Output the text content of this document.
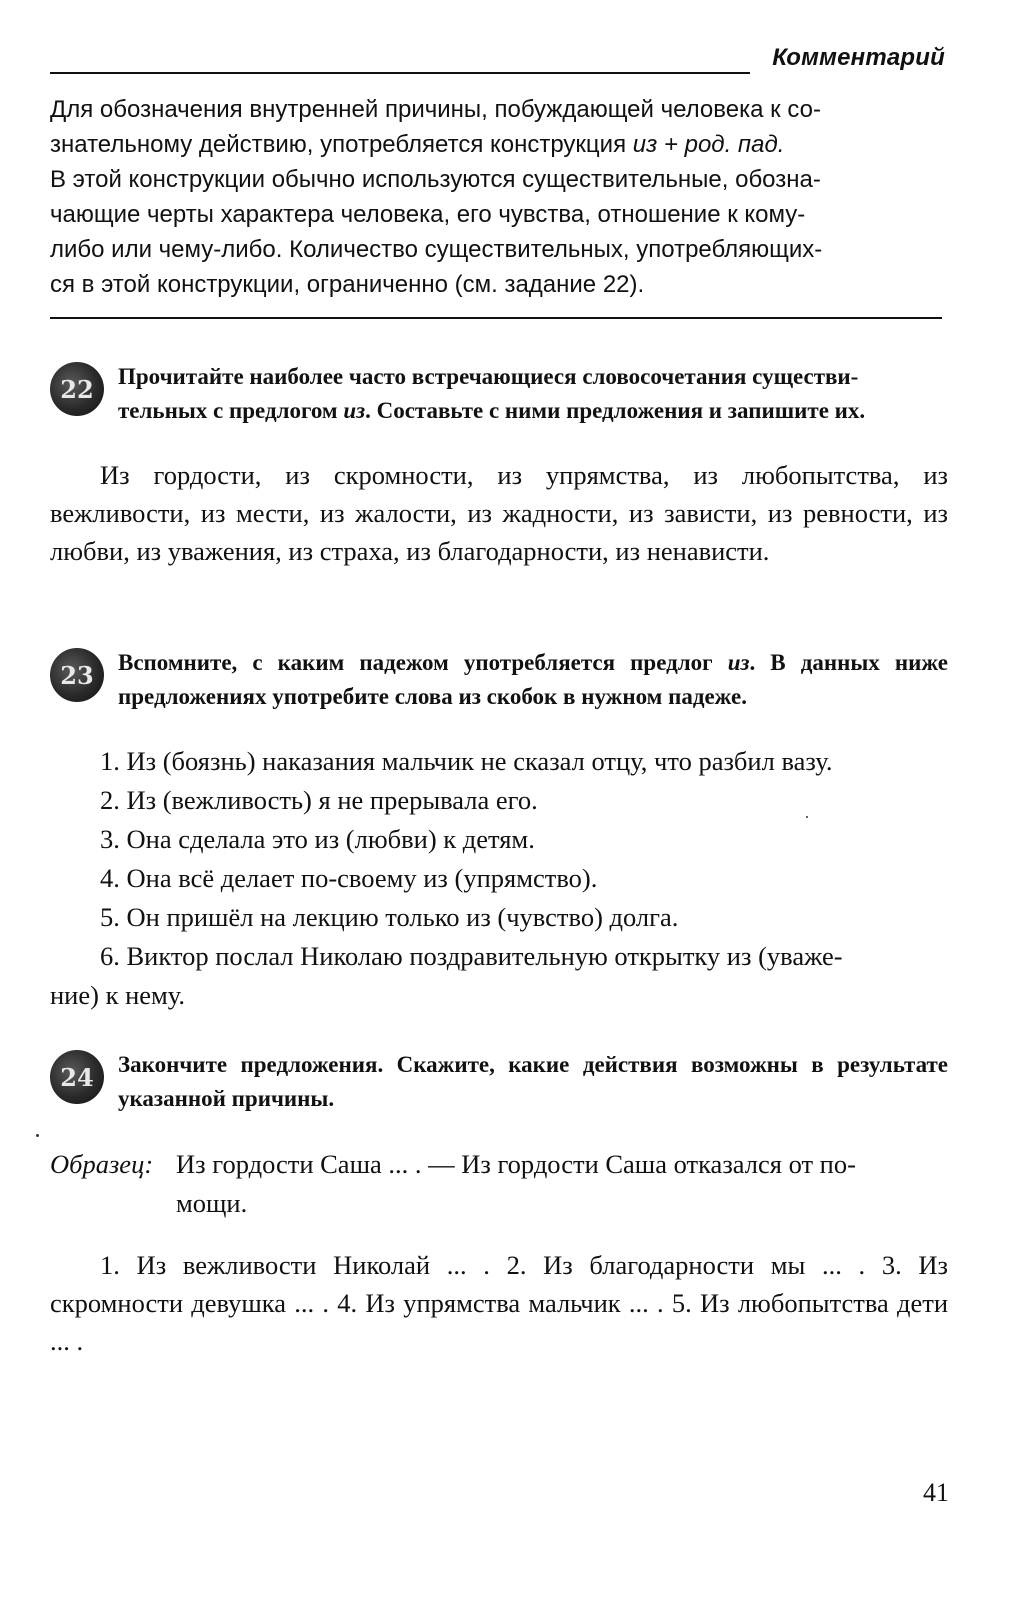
Комментарий
Для обозначения внутренней причины, побуждающей человека к со-
знательному действию, употребляется конструкция из + род. пад.
В этой конструкции обычно используются существительные, обозна-
чающие черты характера человека, его чувства, отношение к кому-
либо или чему-либо. Количество существительных, употребляющих-
ся в этой конструкции, ограниченно (см. задание 22).
22	Прочитайте наиболее часто встречающиеся словосочетания существи-
тельных с предлогом из. Составьте с ними предложения и запишите их.
Из гордости, из скромности, из упрямства, из любопытства, из вежливости, из мести, из жалости, из жадности, из зависти, из ревности, из любви, из уважения, из страха, из благодарности, из ненависти.
23	Вспомните, с каким падежом употребляется предлог из. В данных ниже предложениях употребите слова из скобок в нужном падеже.
1. Из (боязнь) наказания мальчик не сказал отцу, что разбил вазу.
2. Из (вежливость) я не прерывала его.
3. Она сделала это из (любви) к детям.
4. Она всё делает по-своему из (упрямство).
5. Он пришёл на лекцию только из (чувство) долга.
6. Виктор послал Николаю поздравительную открытку из (уваже-
ние) к нему.
24	Закончите предложения. Скажите, какие действия возможны в результате указанной причины.
Образец: Из гордости Саша ... . — Из гордости Саша отказался от по-
мощи.
1. Из вежливости Николай ... . 2. Из благодарности мы ... . 3. Из скромности девушка ... . 4. Из упрямства мальчик ... . 5. Из любопытства дети ... .
41
